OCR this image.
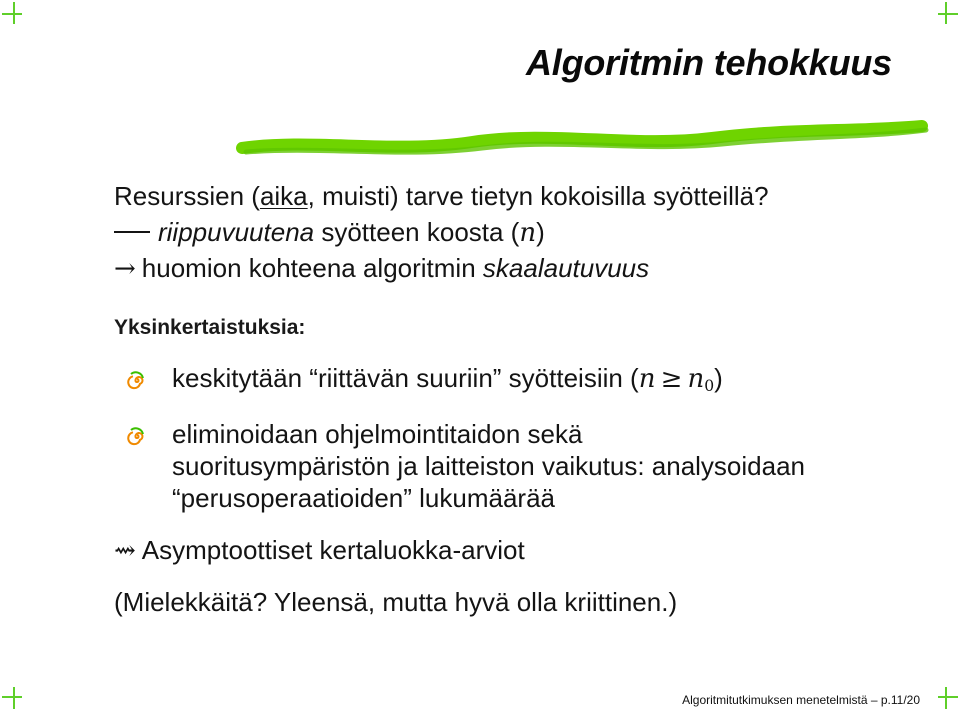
Algoritmin tehokkuus
Resurssien (aika, muisti) tarve tietyn kokoisilla syötteillä?
riippuvuutena syötteen koosta (n)
→ huomion kohteena algoritmin skaalautuvuus
Yksinkertaistuksia:
keskitytään “riittävän suuriin” syötteisiin $(n \ge n_0)$
eliminoidaan ohjelmointitaidon sekä
suoritusympäristön ja laitteiston vaikutus: analysoidaan
“perusoperaatioiden” lukumäärää
⇝ Asymptoottiset kertaluokka-arviot
(Mielekkäitä? Yleensä, mutta hyvä olla kriittinen.)
Algoritmitutkimuksen menetelmistä – p.11/20
